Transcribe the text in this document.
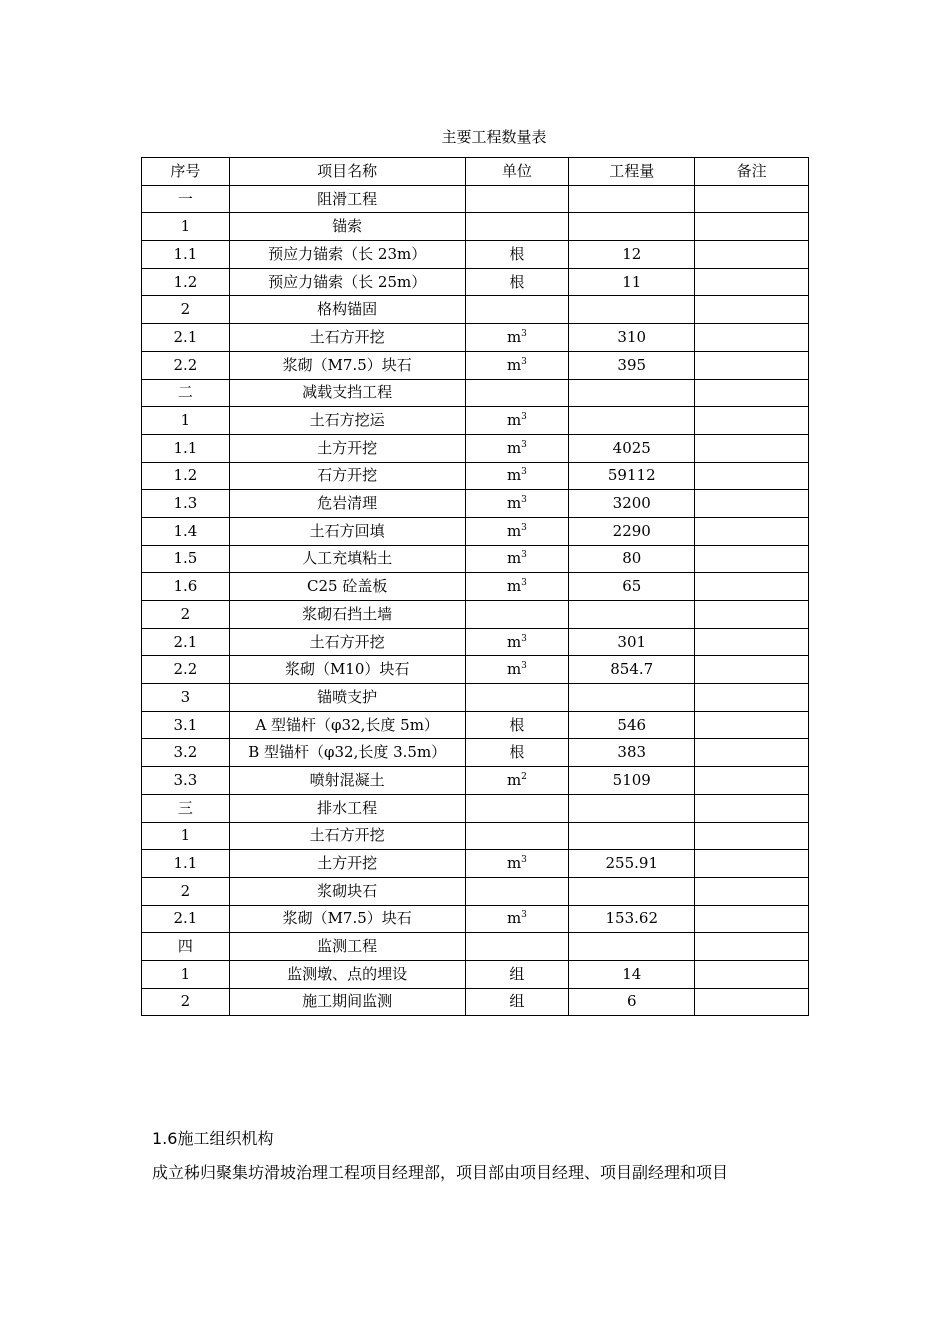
主要工程数量表
序号	项目名称	单位	工程量	备注
一	阻滑工程			
1	锚索			
1.1	预应力锚索（长 23m）	根	12	
1.2	预应力锚索（长 25m）	根	11	
2	格构锚固			
2.1	土石方开挖	$m^3$	310	
2.2	浆砌（M7.5）块石	$m^3$	395	
二	减载支挡工程			
1	土石方挖运	$m^3$		
1.1	土方开挖	$m^3$	4025	
1.2	石方开挖	$m^3$	59112	
1.3	危岩清理	$m^3$	3200	
1.4	土石方回填	$m^3$	2290	
1.5	人工充填粘土	$m^3$	80	
1.6	C25 砼盖板	$m^3$	65	
2	浆砌石挡土墙			
2.1	土石方开挖	$m^3$	301	
2.2	浆砌（M10）块石	$m^3$	854.7	
3	锚喷支护			
3.1	A 型锚杆（φ32,长度 5m）	根	546	
3.2	B 型锚杆（φ32,长度 3.5m）	根	383	
3.3	喷射混凝土	$m^2$	5109	
三	排水工程			
1	土石方开挖			
1.1	土方开挖	$m^3$	255.91	
2	浆砌块石			
2.1	浆砌（M7.5）块石	$m^3$	153.62	
四	监测工程			
1	监测墩、点的埋设	组	14	
2	施工期间监测	组	6	
1.6施工组织机构
成立秭归聚集坊滑坡治理工程项目经理部，项目部由项目经理、项目副经理和项目
